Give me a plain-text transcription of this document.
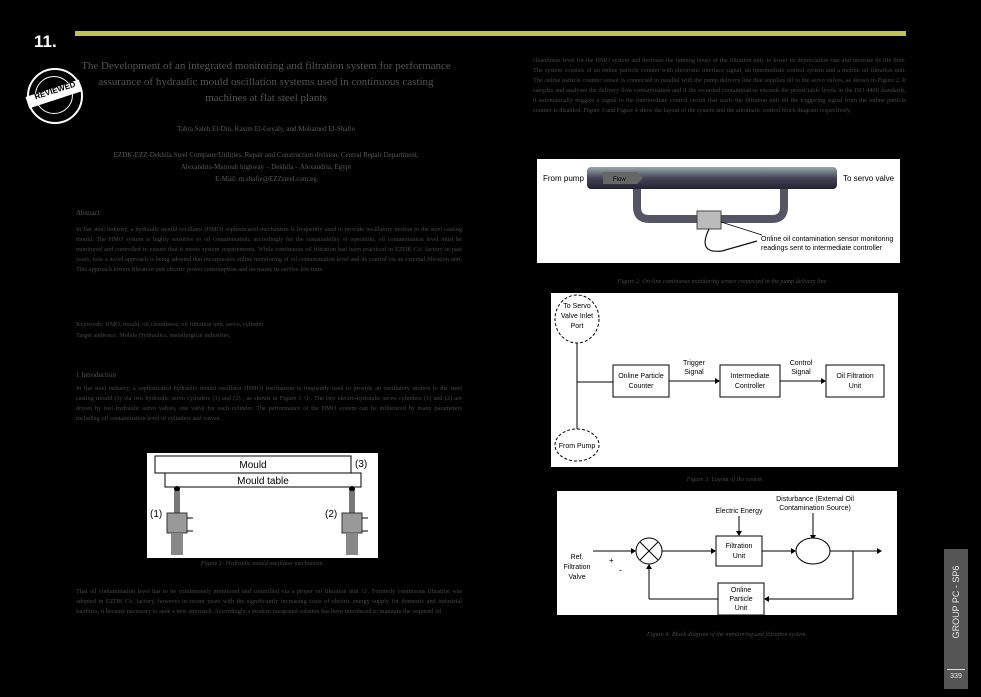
11.
REVIEWED
The Development of an integrated monitoring and filtration system for performance assurance of hydraulic mould oscillation systems used in continuous casting machines at flat steel plants
Tahra Saleh El-Din, Kasim El-Geyaly, and Mohamed El-Shafie
EZDK-EZZ-Dekhila Steel Company/Utilities, Repair and Construction division, Central Repair Department,
Alexandria-Matrouh highway – Dekhila – Alexandria, Egypt
E-Mail: m.shafie@EZZsteel.com.eg
Abstract
In flat steel industry, a hydraulic mould oscillator (HMO) sophisticated mechanism is frequently used to provide oscillatory motion to the steel casting mould. The HMO system is highly sensitive to oil contamination; accordingly for the sustainability of operation, oil contamination level must be monitored and controlled to ensure that it meets system requirements. While continuous oil filtration had been practiced in EZDK Co. factory in past years, now a novel approach is being adopted that incorporates online monitoring of oil contamination level and its control via an external filtration unit. This approach lowers filtration unit electric power consumption and increases its service life-time.
Keywords: HMO, mould, oil cleanliness, oil filtration unit, servo, cylinder
Target audience: Mobile Hydraulics, metallurgical industries.
1 Introduction
In flat steel industry, a sophisticated hydraulic mould oscillator (HMO) mechanism is frequently used to provide an oscillatory motion to the steel casting mould (3) via two hydraulic servo cylinders (1) and (2) , as shown in Figure 1 /1/. The two electro-hydraulic servo cylinders (1) and (2) are driven by two hydraulic servo valves, one valve for each cylinder. The performance of the HMO system can be influenced by many parameters including oil contamination level of cylinders and valves.
Mould
Mould table
(3)
(1)	(2)
Figure 1: Hydraulic mould oscillator mechanism.
That oil contamination level has to be continuously monitored and controlled via a proper oil filtration unit /2/. Formerly continuous filtration was adopted in EZDK Co. factory, however in recent years with the significantly increasing costs of electric energy supply for domestic and industrial facilities, it became necessary to seek a new approach. Accordingly a modern integrated solution has been introduced to maintain the required oil
cleanliness level for the HMO system and decrease the running hours of the filtration unit, to lower its depreciation rate and increase its life time. The system consists of an online particle counter with electronic interface signal, an intermediate control system and a mobile oil filtration unit. The online particle counter sensor is connected in parallel with the pump delivery line that supplies oil to the servo valves, as shown in Figure 2. It samples and analyses the delivery flow contamination and if the recorded contamination exceeds the preset/table levels in the ISO 4406 standards, it automatically triggers a signal to the intermediate control circuit that starts the filtration unit till the triggering signal from the online particle counter is disabled. Figure 3 and Figure 4 show the layout of the system and the automatic control block diagram respectively.
Flow
From pump	To servo valve
Online oil contamination sensor monitoring
readings sent to intermediate controller
Figure 2: On-line continuous monitoring sensor connected in the pump delivery line
To Servo
Valve Inlet
Port
From Pump
Online Particle
Counter
Trigger
Signal
Intermediate
Controller
Control
Signal
Oil Filtration
Unit
Figure 3: Layout of the system
Disturbance (External Oil
Contamination Source)
Electric Energy
Ref.
Filtration
Valve
+
-
Filtration
Unit
Online
Particle
Unit
Figure 4: Block diagram of the monitoring and filtration system.	GROUP PC - SP6
339
